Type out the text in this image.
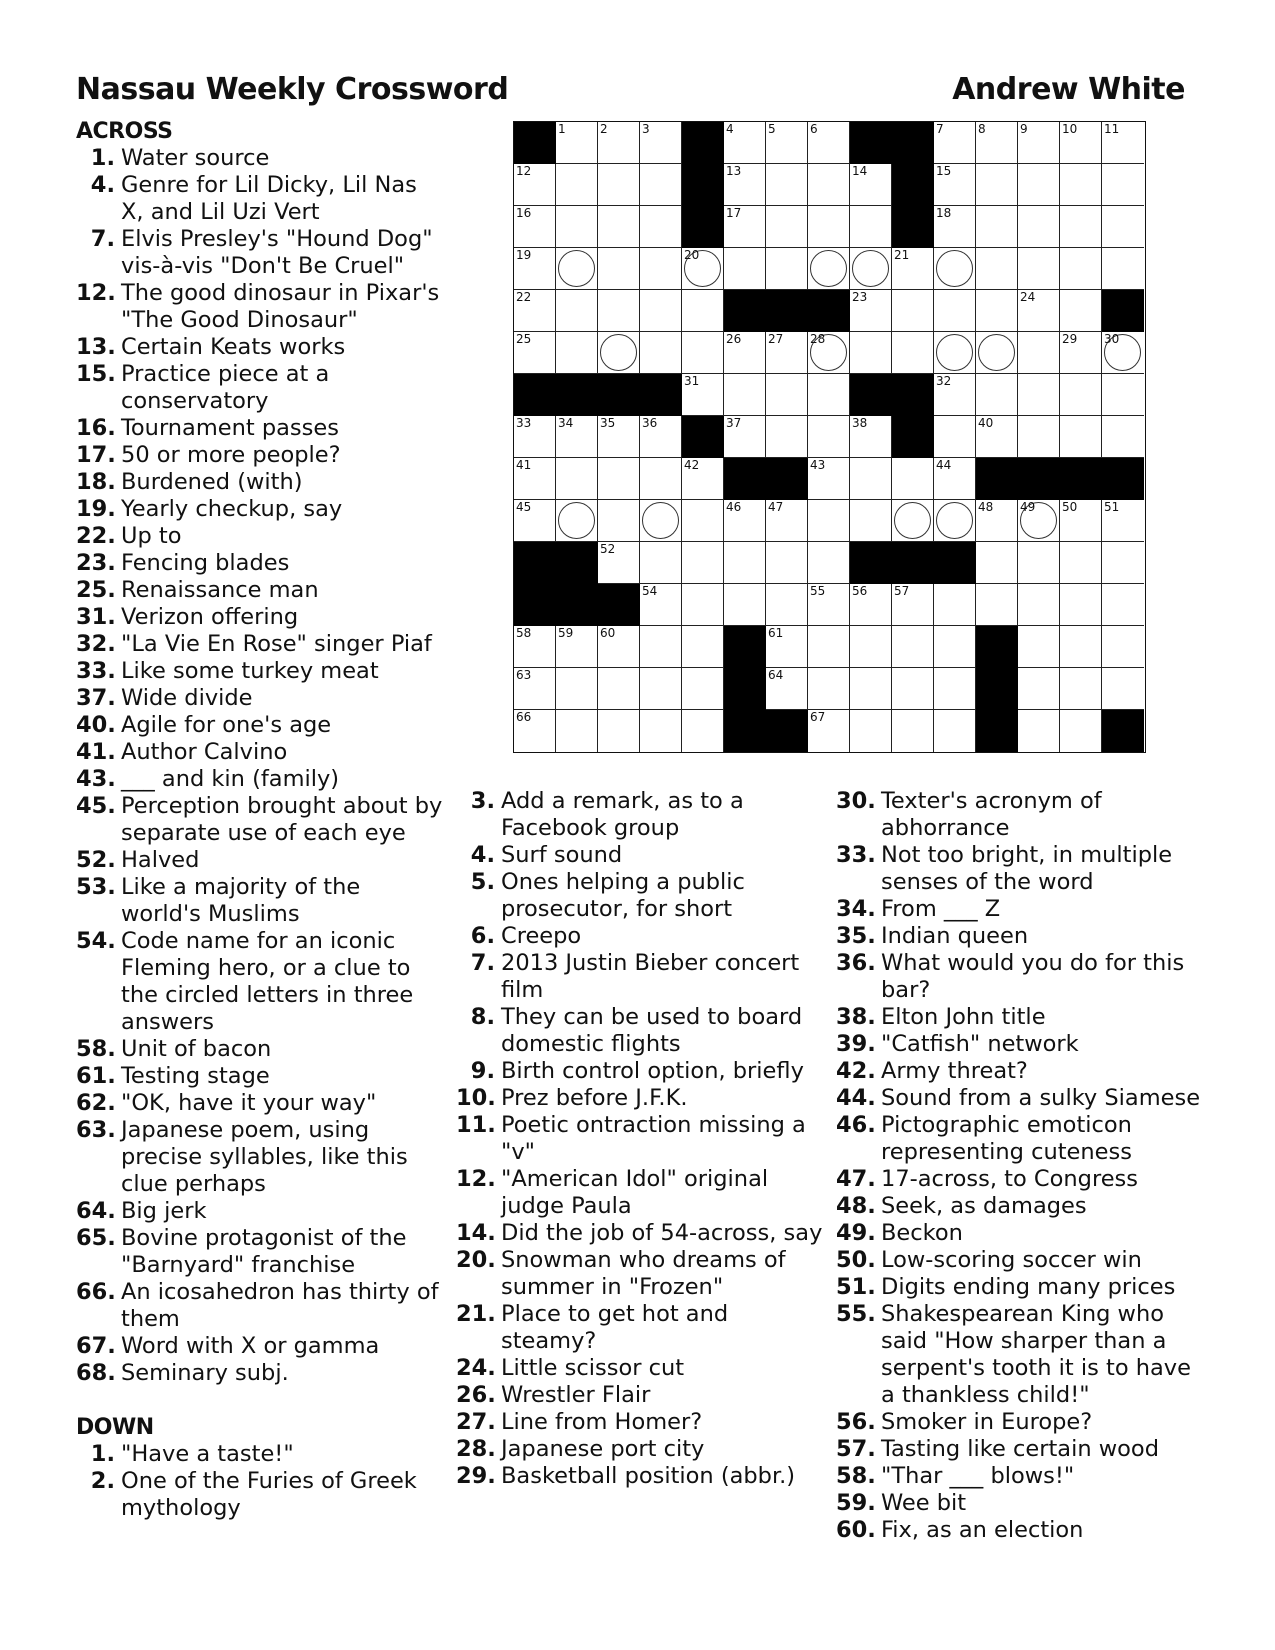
Nassau Weekly Crossword	Andrew White
ACROSS
1. Water source
4. Genre for Lil Dicky, Lil Nas X, and Lil Uzi Vert
7. Elvis Presley's "Hound Dog" vis-à-vis "Don't Be Cruel"
12. The good dinosaur in Pixar's "The Good Dinosaur"
13. Certain Keats works
15. Practice piece at a conservatory
16. Tournament passes
17. 50 or more people?
18. Burdened (with)
19. Yearly checkup, say
22. Up to
23. Fencing blades
25. Renaissance man
31. Verizon offering
32. "La Vie En Rose" singer Piaf
33. Like some turkey meat
37. Wide divide
40. Agile for one's age
41. Author Calvino
43. ___ and kin (family)
45. Perception brought about by separate use of each eye
52. Halved
53. Like a majority of the world's Muslims
54. Code name for an iconic Fleming hero, or a clue to the circled letters in three answers
58. Unit of bacon
61. Testing stage
62. "OK, have it your way"
63. Japanese poem, using precise syllables, like this clue perhaps
64. Big jerk
65. Bovine protagonist of the "Barnyard" franchise
66. An icosahedron has thirty of them
67. Word with X or gamma
68. Seminary subj.
DOWN
1. "Have a taste!"
2. One of the Furies of Greek mythology
3. Add a remark, as to a Facebook group
4. Surf sound
5. Ones helping a public prosecutor, for short
6. Creepo
7. 2013 Justin Bieber concert film
8. They can be used to board domestic flights
9. Birth control option, briefly
10. Prez before J.F.K.
11. Poetic ontraction missing a "v"
12. "American Idol" original judge Paula
14. Did the job of 54-across, say
20. Snowman who dreams of summer in "Frozen"
21. Place to get hot and steamy?
24. Little scissor cut
26. Wrestler Flair
27. Line from Homer?
28. Japanese port city
29. Basketball position (abbr.)
30. Texter's acronym of abhorrance
33. Not too bright, in multiple senses of the word
34. From ___ Z
35. Indian queen
36. What would you do for this bar?
38. Elton John title
39. "Catfish" network
42. Army threat?
44. Sound from a sulky Siamese
46. Pictographic emoticon representing cuteness
47. 17-across, to Congress
48. Seek, as damages
49. Beckon
50. Low-scoring soccer win
51. Digits ending many prices
55. Shakespearean King who said "How sharper than a serpent's tooth it is to have a thankless child!"
56. Smoker in Europe?
57. Tasting like certain wood
58. "Thar ___ blows!"
59. Wee bit
60. Fix, as an election
1	2	3	4	5	6	7	8	9	10 11
12	13	14	15
16	17	18
19	20	21
22	23	24
25	26 27 28	29 30
31	32
33 34 35 36	37	38	40
41	42	43	44
45	46 47	48 49 50 51
52
54	55 56 57
58 59 60	61
63	64
66	67
